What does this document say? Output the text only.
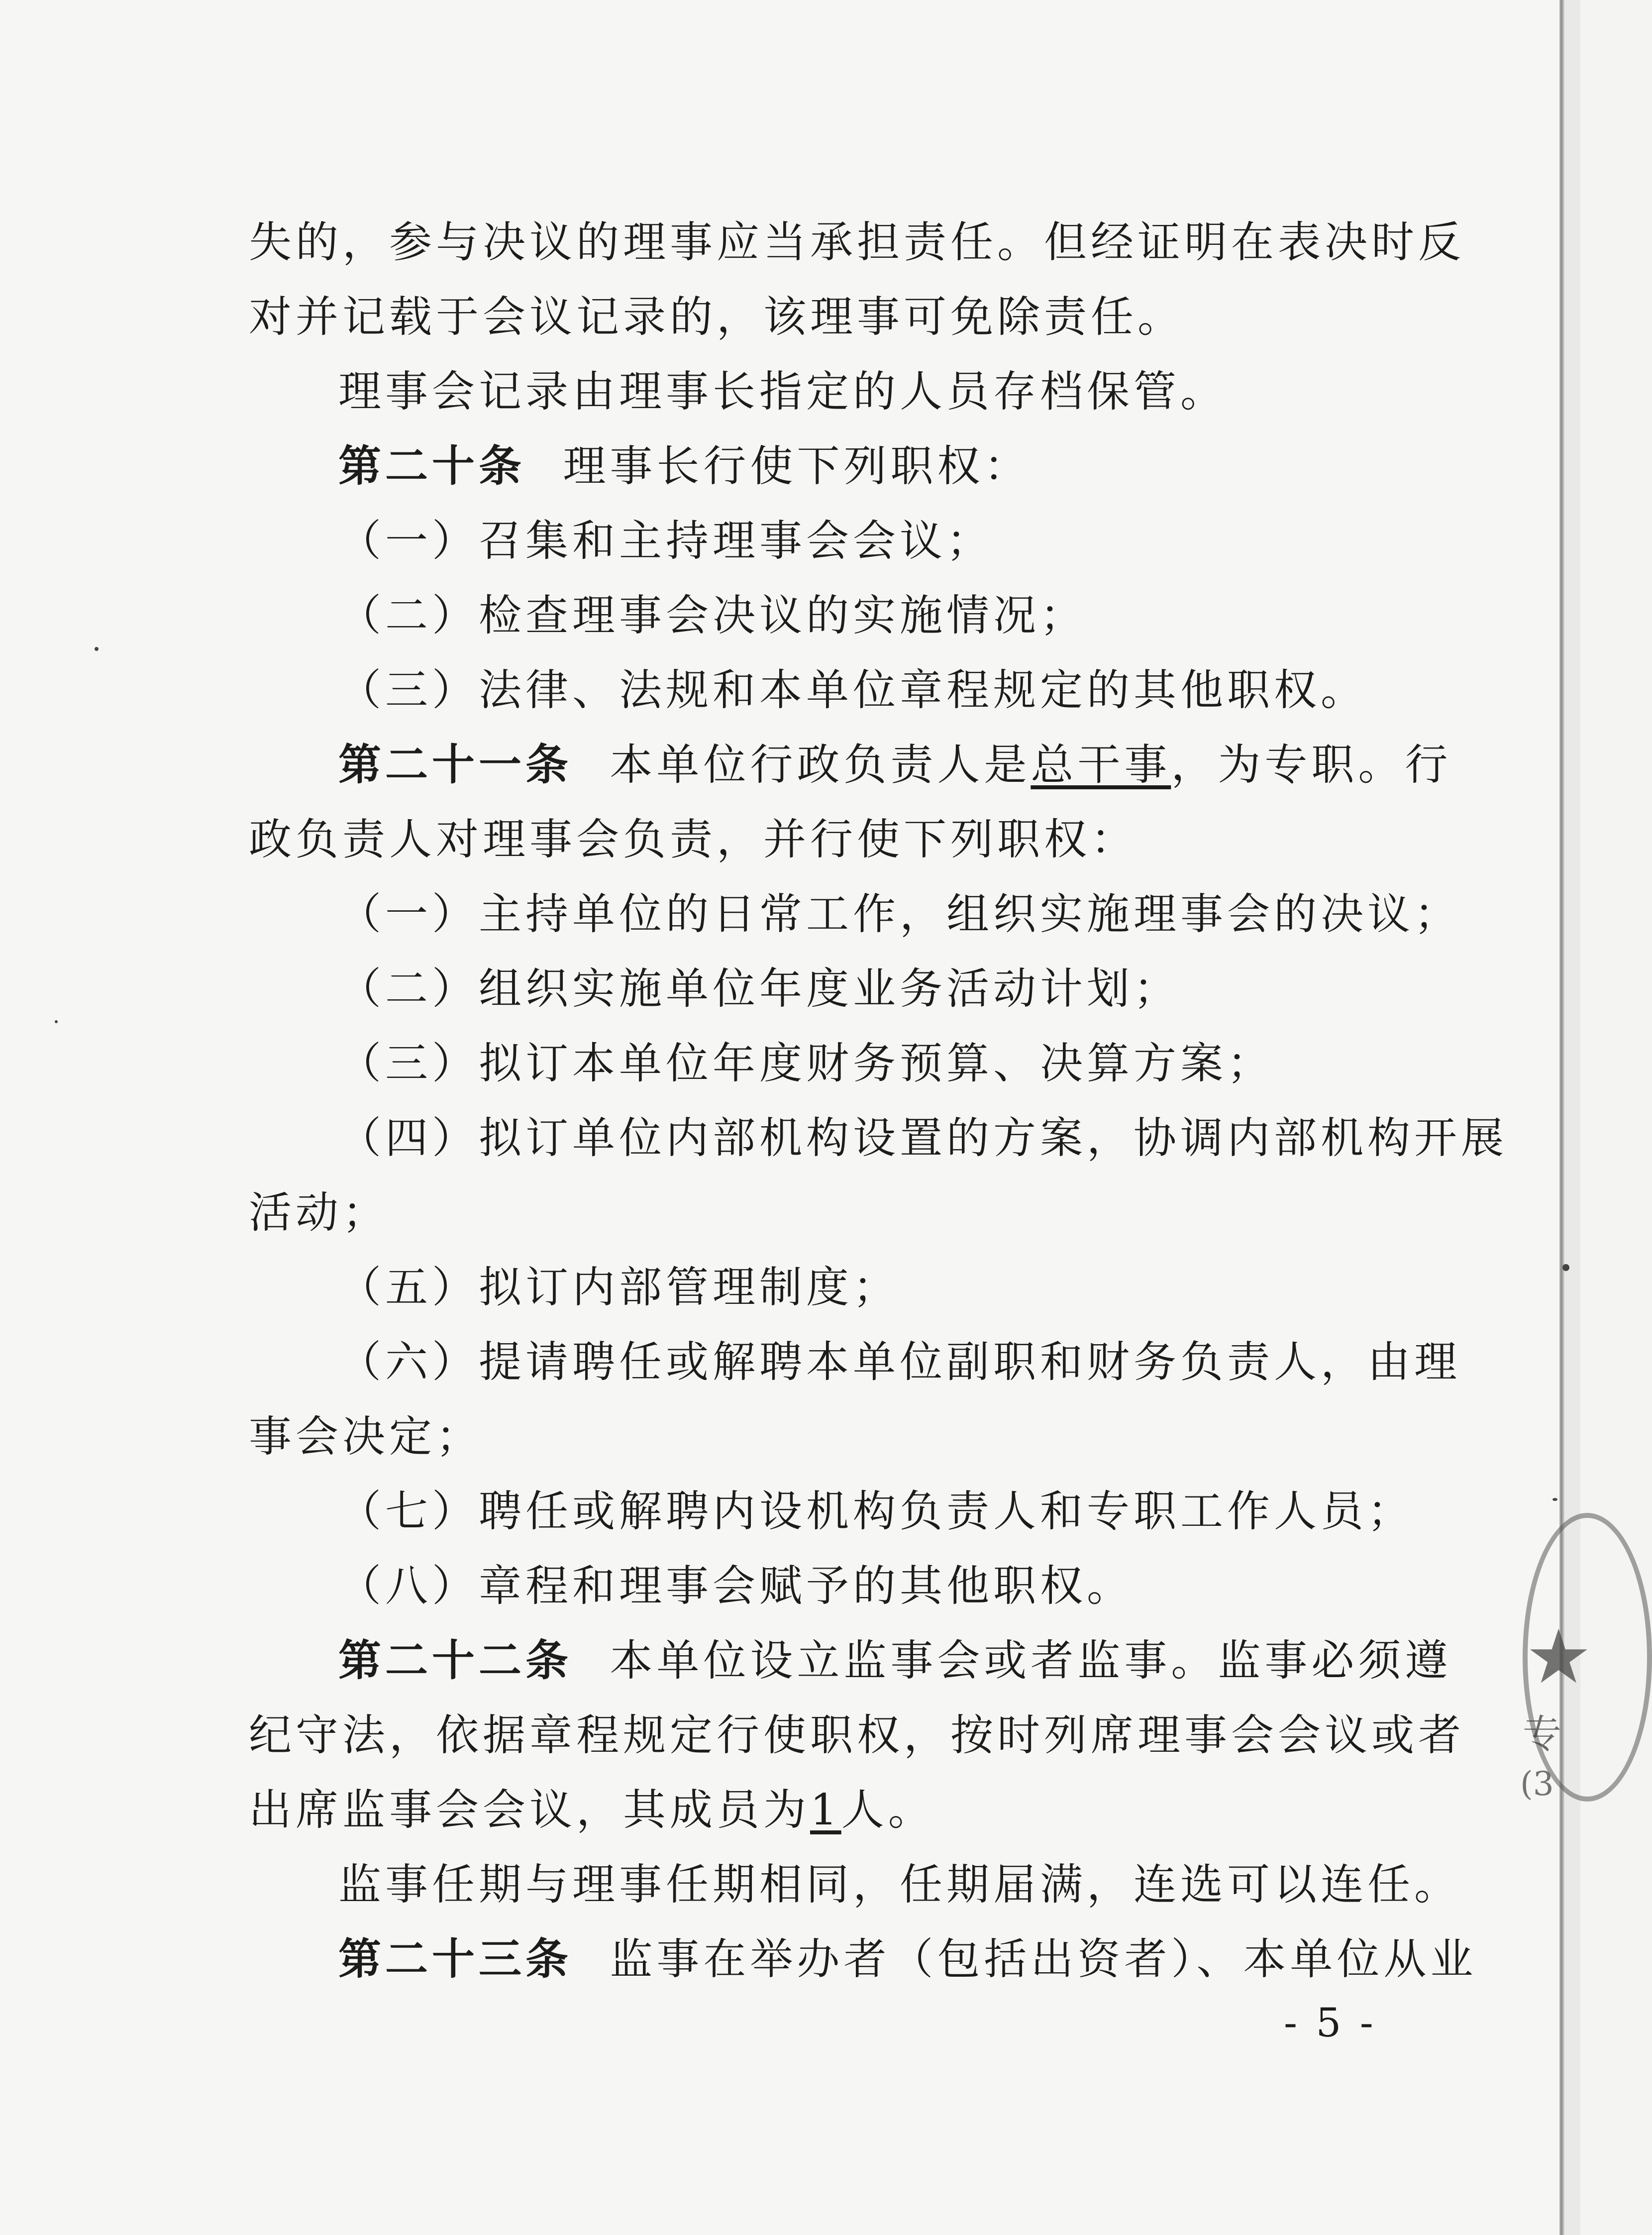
失的，参与决议的理事应当承担责任。但经证明在表决时反
对并记载于会议记录的，该理事可免除责任。
理事会记录由理事长指定的人员存档保管。
第二十条 理事长行使下列职权：
（一）召集和主持理事会会议；
（二）检查理事会决议的实施情况；
（三）法律、法规和本单位章程规定的其他职权。
第二十一条 本单位行政负责人是总干事，为专职。行
政负责人对理事会负责，并行使下列职权：
（一）主持单位的日常工作，组织实施理事会的决议；
（二）组织实施单位年度业务活动计划；
（三）拟订本单位年度财务预算、决算方案；
（四）拟订单位内部机构设置的方案，协调内部机构开展
活动；
（五）拟订内部管理制度；
（六）提请聘任或解聘本单位副职和财务负责人，由理
事会决定；
（七）聘任或解聘内设机构负责人和专职工作人员；
（八）章程和理事会赋予的其他职权。
第二十二条 本单位设立监事会或者监事。监事必须遵
纪守法，依据章程规定行使职权，按时列席理事会会议或者
出席监事会会议，其成员为1人。
监事任期与理事任期相同，任期届满，连选可以连任。
第二十三条 监事在举办者（包括出资者）、本单位从业
- 5 -
★
专
(3
